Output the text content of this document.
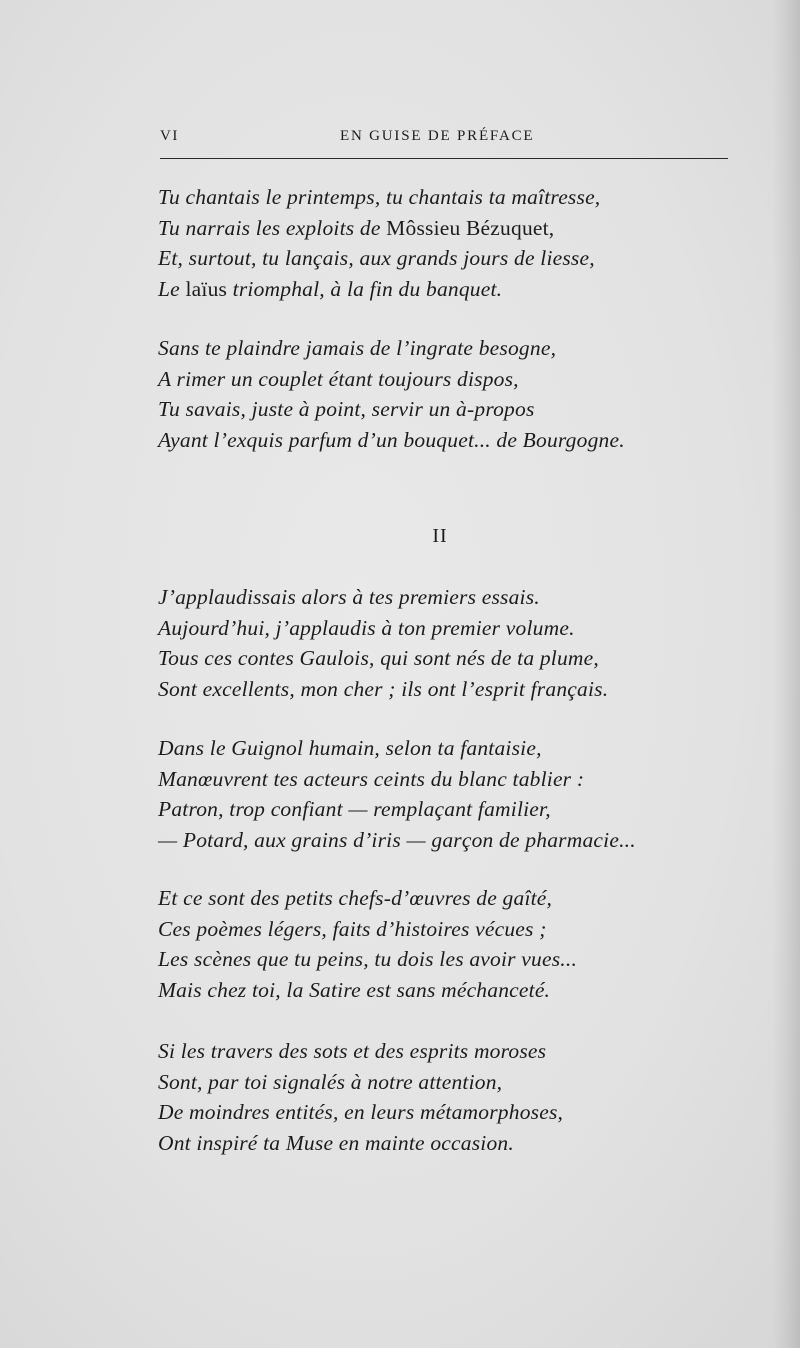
VI	EN GUISE DE PRÉFACE
Tu chantais le printemps, tu chantais ta maîtresse,
Tu narrais les exploits de Môssieu Bézuquet,
Et, surtout, tu lançais, aux grands jours de liesse,
Le laïus triomphal, à la fin du banquet.
Sans te plaindre jamais de l’ingrate besogne,
A rimer un couplet étant toujours dispos,
Tu savais, juste à point, servir un à-propos
Ayant l’exquis parfum d’un bouquet... de Bourgogne.
II
J’applaudissais alors à tes premiers essais.
Aujourd’hui, j’applaudis à ton premier volume.
Tous ces contes Gaulois, qui sont nés de ta plume,
Sont excellents, mon cher ; ils ont l’esprit français.
Dans le Guignol humain, selon ta fantaisie,
Manœuvrent tes acteurs ceints du blanc tablier :
Patron, trop confiant — remplaçant familier,
— Potard, aux grains d’iris — garçon de pharmacie...
Et ce sont des petits chefs-d’œuvres de gaîté,
Ces poèmes légers, faits d’histoires vécues ;
Les scènes que tu peins, tu dois les avoir vues...
Mais chez toi, la Satire est sans méchanceté.
Si les travers des sots et des esprits moroses
Sont, par toi signalés à notre attention,
De moindres entités, en leurs métamorphoses,
Ont inspiré ta Muse en mainte occasion.
